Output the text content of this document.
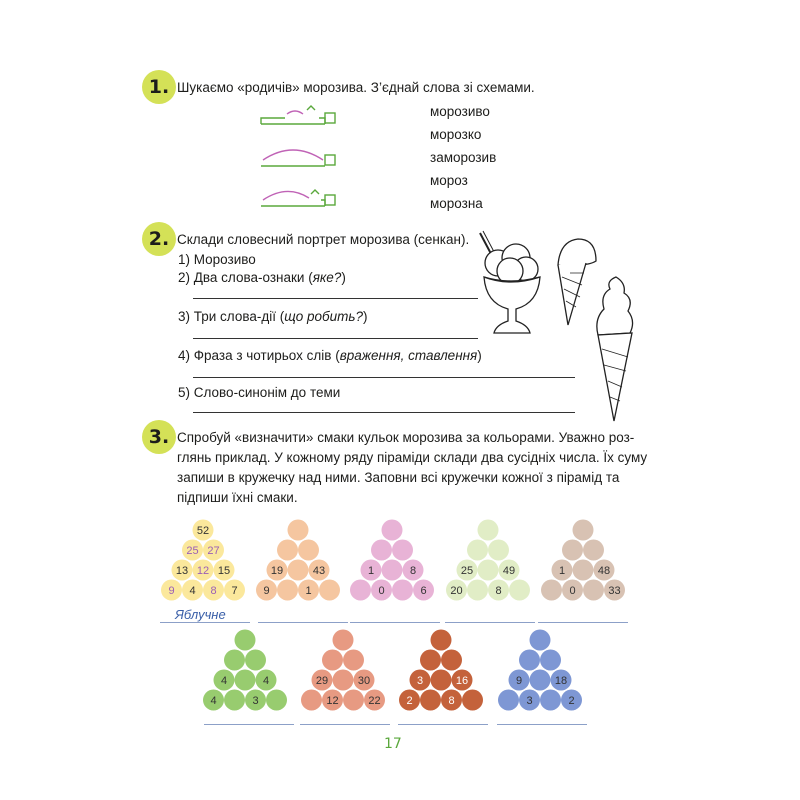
1. Шукаємо «родичів» морозива. З’єднай слова зі схемами.
морозиво
морозко
заморозив
мороз
морозна
2. Склади словесний портрет морозива (сенкан).
1) Морозиво
2) Два слова-ознаки (яке?)
3) Три слова-дії (що робить?)
4) Фраза з чотирьох слів (враження, ставлення)
5) Слово-синонім до теми
3. Спробуй «визначити» смаки кульок морозива за кольорами. Уважно роз-
глянь приклад. У кожному ряду піраміди склади два сусідніх числа. Їх суму
запиши в кружечку над ними. Заповни всі кружечки кожної з пірамід та
підпиши їхні смаки.
52
25 27
13 12 15
9 4 8 7
19	43
9	1
1	8
0	6
25	49
20	8
1	48
0	33
4	4
4	3
29	30
12	22
3	16
2	8
9	18
3	2
Яблучне
17
